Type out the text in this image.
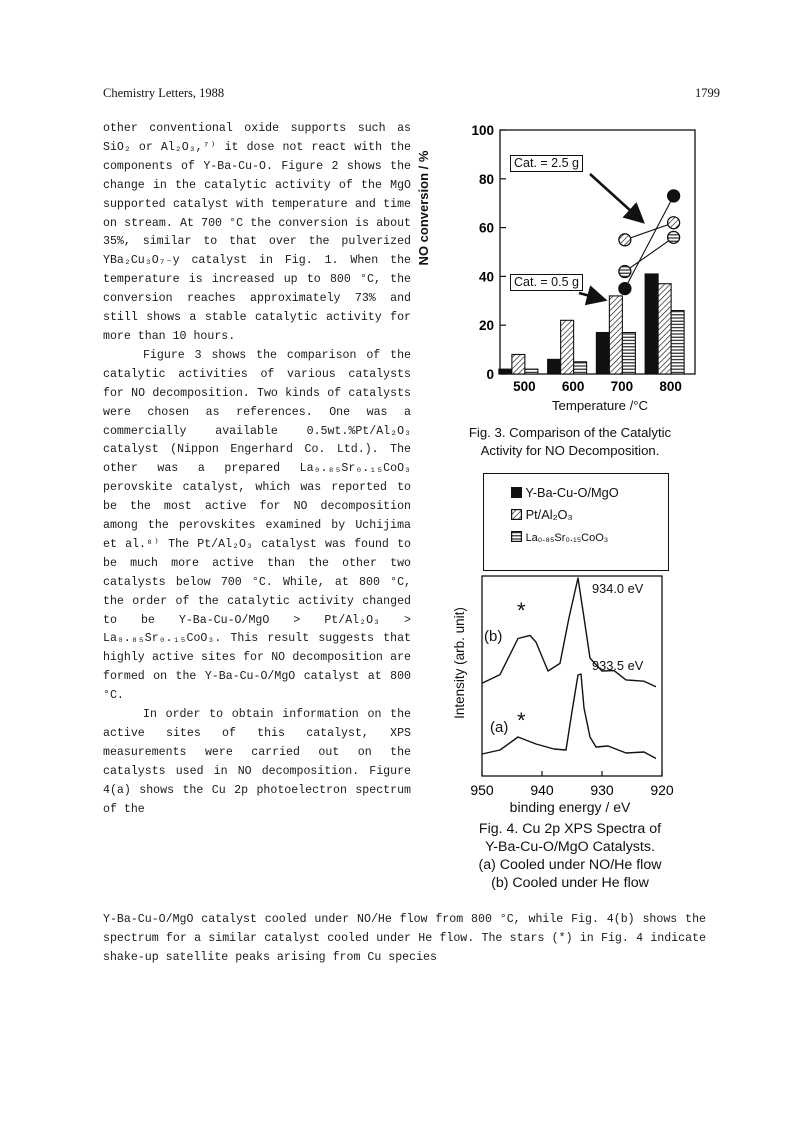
Chemistry Letters, 1988	1799

other conventional oxide supports such as SiO₂ or Al₂O₃,⁷⁾ it dose not react with the components of Y-Ba-Cu-O. Figure 2 shows the change in the catalytic activity of the MgO supported catalyst with temperature and time on stream. At 700 °C the conversion is about 35%, similar to that over the pulverized YBa₂Cu₃O₇₋y catalyst in Fig. 1. When the temperature is increased up to 800 °C, the conversion reaches approximately 73% and still shows a stable catalytic activity for more than 10 hours.

Figure 3 shows the comparison of the catalytic activities of various catalysts for NO decomposition. Two kinds of catalysts were chosen as references. One was a commercially available 0.5wt.%Pt/Al₂O₃ catalyst (Nippon Engerhard Co. Ltd.). The other was a prepared La₀.₈₅Sr₀.₁₅CoO₃ perovskite catalyst, which was reported to be the most active for NO decomposition among the perovskites examined by Uchijima et al.⁸⁾ The Pt/Al₂O₃ catalyst was found to be much more active than the other two catalysts below 700 °C. While, at 800 °C, the order of the catalytic activity changed to be Y-Ba-Cu-O/MgO > Pt/Al₂O₃ > La₀.₈₅Sr₀.₁₅CoO₃. This result suggests that highly active sites for NO decomposition are formed on the Y-Ba-Cu-O/MgO catalyst at 800 °C.

In order to obtain information on the active sites of this catalyst, XPS measurements were carried out on the catalysts used in NO decomposition. Figure 4(a) shows the Cu 2p photoelectron spectrum of the

Y-Ba-Cu-O/MgO catalyst cooled under NO/He flow from 800 °C, while Fig. 4(b) shows the spectrum for a similar catalyst cooled under He flow. The stars (*) in Fig. 4 indicate shake-up satellite peaks arising from Cu species

0
20
40
60
80
100
500 600 700 800
NO conversion / %
Temperature /°C
Cat. = 2.5 g
Cat. = 0.5 g
Fig. 3. Comparison of the Catalytic
Activity for NO Decomposition.
Y-Ba-Cu-O/MgO
Pt/Al₂O₃
La₀.₈₅Sr₀.₁₅CoO₃
950	940	930	920
Intensity (arb. unit)
934.0 eV
933.5 eV
(b)
(a)
*
*
binding energy / eV
Fig. 4. Cu 2p XPS Spectra of
Y-Ba-Cu-O/MgO Catalysts.
(a) Cooled under NO/He flow
(b) Cooled under He flow
